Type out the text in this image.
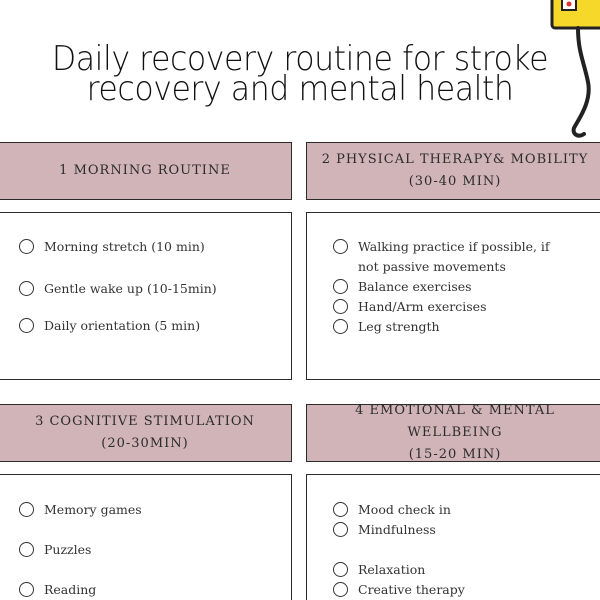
Daily recovery routine for stroke
recovery and mental health
1 MORNING ROUTINE
Morning stretch (10 min)
Gentle wake up (10-15min)
Daily orientation (5 min)
2 PHYSICAL THERAPY& MOBILITY
(30-40 MIN)
Walking practice if possible, if not passive movements
Balance exercises
Hand/Arm exercises
Leg strength
3 COGNITIVE STIMULATION
(20-30MIN)
Memory games
Puzzles
Reading
4 EMOTIONAL & MENTAL WELLBEING
(15-20 MIN)
Mood check in
Mindfulness
Relaxation
Creative therapy
